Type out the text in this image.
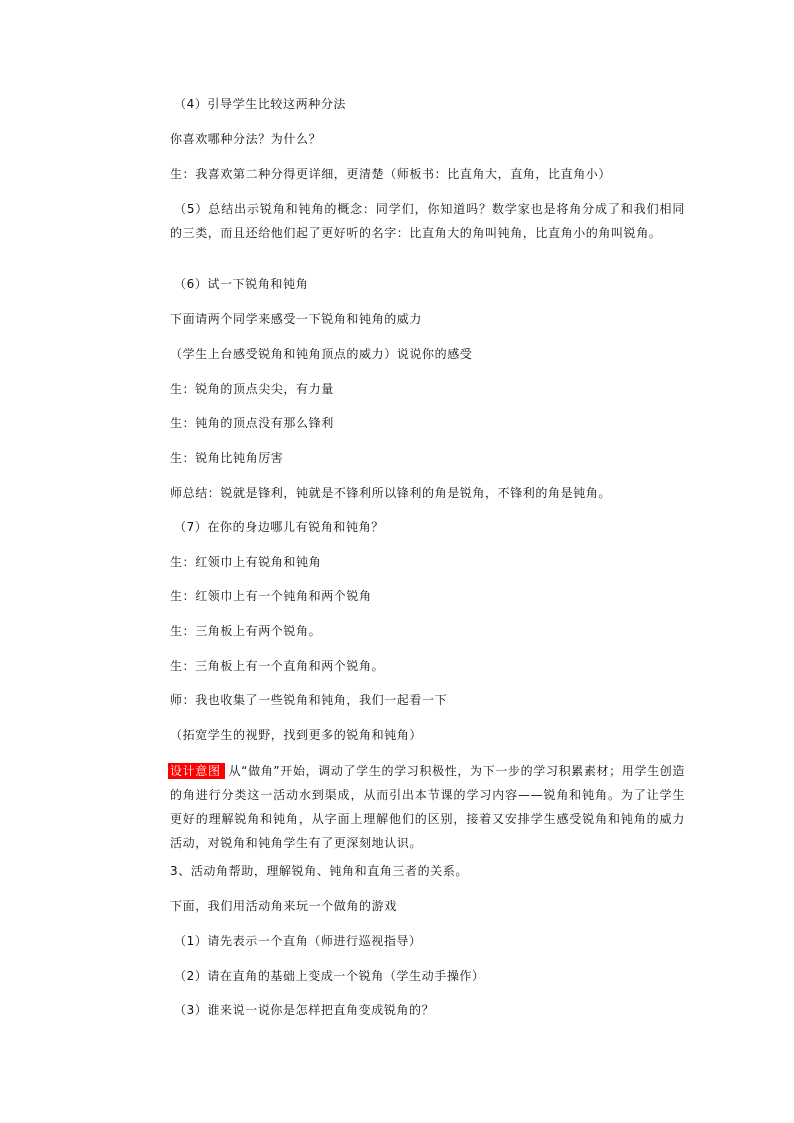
（4）引导学生比较这两种分法
你喜欢哪种分法？为什么？
生：我喜欢第二种分得更详细，更清楚（师板书：比直角大，直角，比直角小）
（5）总结出示锐角和钝角的概念：同学们，你知道吗？数学家也是将角分成了和我们相同的三类，而且还给他们起了更好听的名字：比直角大的角叫钝角，比直角小的角叫锐角。
（6）试一下锐角和钝角
下面请两个同学来感受一下锐角和钝角的威力
（学生上台感受锐角和钝角顶点的威力）说说你的感受
生：锐角的顶点尖尖，有力量
生：钝角的顶点没有那么锋利
生：锐角比钝角厉害
师总结：锐就是锋利，钝就是不锋利所以锋利的角是锐角，不锋利的角是钝角。
（7）在你的身边哪儿有锐角和钝角？
生：红领巾上有锐角和钝角
生：红领巾上有一个钝角和两个锐角
生：三角板上有两个锐角。
生：三角板上有一个直角和两个锐角。
师：我也收集了一些锐角和钝角，我们一起看一下
（拓宽学生的视野，找到更多的锐角和钝角）
设计意图 从“做角”开始，调动了学生的学习积极性，为下一步的学习积累素材；用学生创造的角进行分类这一活动水到渠成，从而引出本节课的学习内容——锐角和钝角。为了让学生更好的理解锐角和钝角，从字面上理解他们的区别，接着又安排学生感受锐角和钝角的威力活动，对锐角和钝角学生有了更深刻地认识。
3、活动角帮助，理解锐角、钝角和直角三者的关系。
下面，我们用活动角来玩一个做角的游戏
（1）请先表示一个直角（师进行巡视指导）
（2）请在直角的基础上变成一个锐角（学生动手操作）
（3）谁来说一说你是怎样把直角变成锐角的？
